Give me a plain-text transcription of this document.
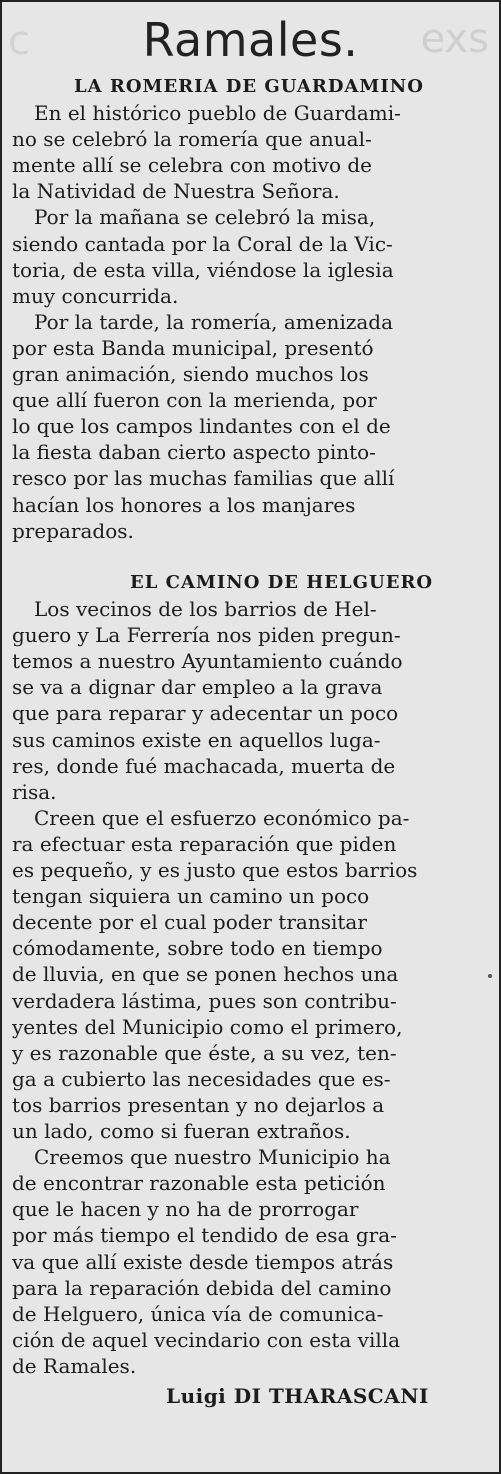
c	exs
Ramales.
LA ROMERIA DE GUARDAMINO
En el histórico pueblo de Guardami-
no se celebró la romería que anual-
mente allí se celebra con motivo de
la Natividad de Nuestra Señora.
Por la mañana se celebró la misa,
siendo cantada por la Coral de la Vic-
toria, de esta villa, viéndose la iglesia
muy concurrida.
Por la tarde, la romería, amenizada
por esta Banda municipal, presentó
gran animación, siendo muchos los
que allí fueron con la merienda, por
lo que los campos lindantes con el de
la fiesta daban cierto aspecto pinto-
resco por las muchas familias que allí
hacían los honores a los manjares
preparados.
EL CAMINO DE HELGUERO
Los vecinos de los barrios de Hel-
guero y La Ferrería nos piden pregun-
temos a nuestro Ayuntamiento cuándo
se va a dignar dar empleo a la grava
que para reparar y adecentar un poco
sus caminos existe en aquellos luga-
res, donde fué machacada, muerta de
risa.
Creen que el esfuerzo económico pa-
ra efectuar esta reparación que piden
es pequeño, y es justo que estos barrios
tengan siquiera un camino un poco
decente por el cual poder transitar
cómodamente, sobre todo en tiempo
de lluvia, en que se ponen hechos una
verdadera lástima, pues son contribu-
yentes del Municipio como el primero,
y es razonable que éste, a su vez, ten-
ga a cubierto las necesidades que es-
tos barrios presentan y no dejarlos a
un lado, como si fueran extraños.
Creemos que nuestro Municipio ha
de encontrar razonable esta petición
que le hacen y no ha de prorrogar
por más tiempo el tendido de esa gra-
va que allí existe desde tiempos atrás
para la reparación debida del camino
de Helguero, única vía de comunica-
ción de aquel vecindario con esta villa
de Ramales.
Luigi DI THARASCANI
